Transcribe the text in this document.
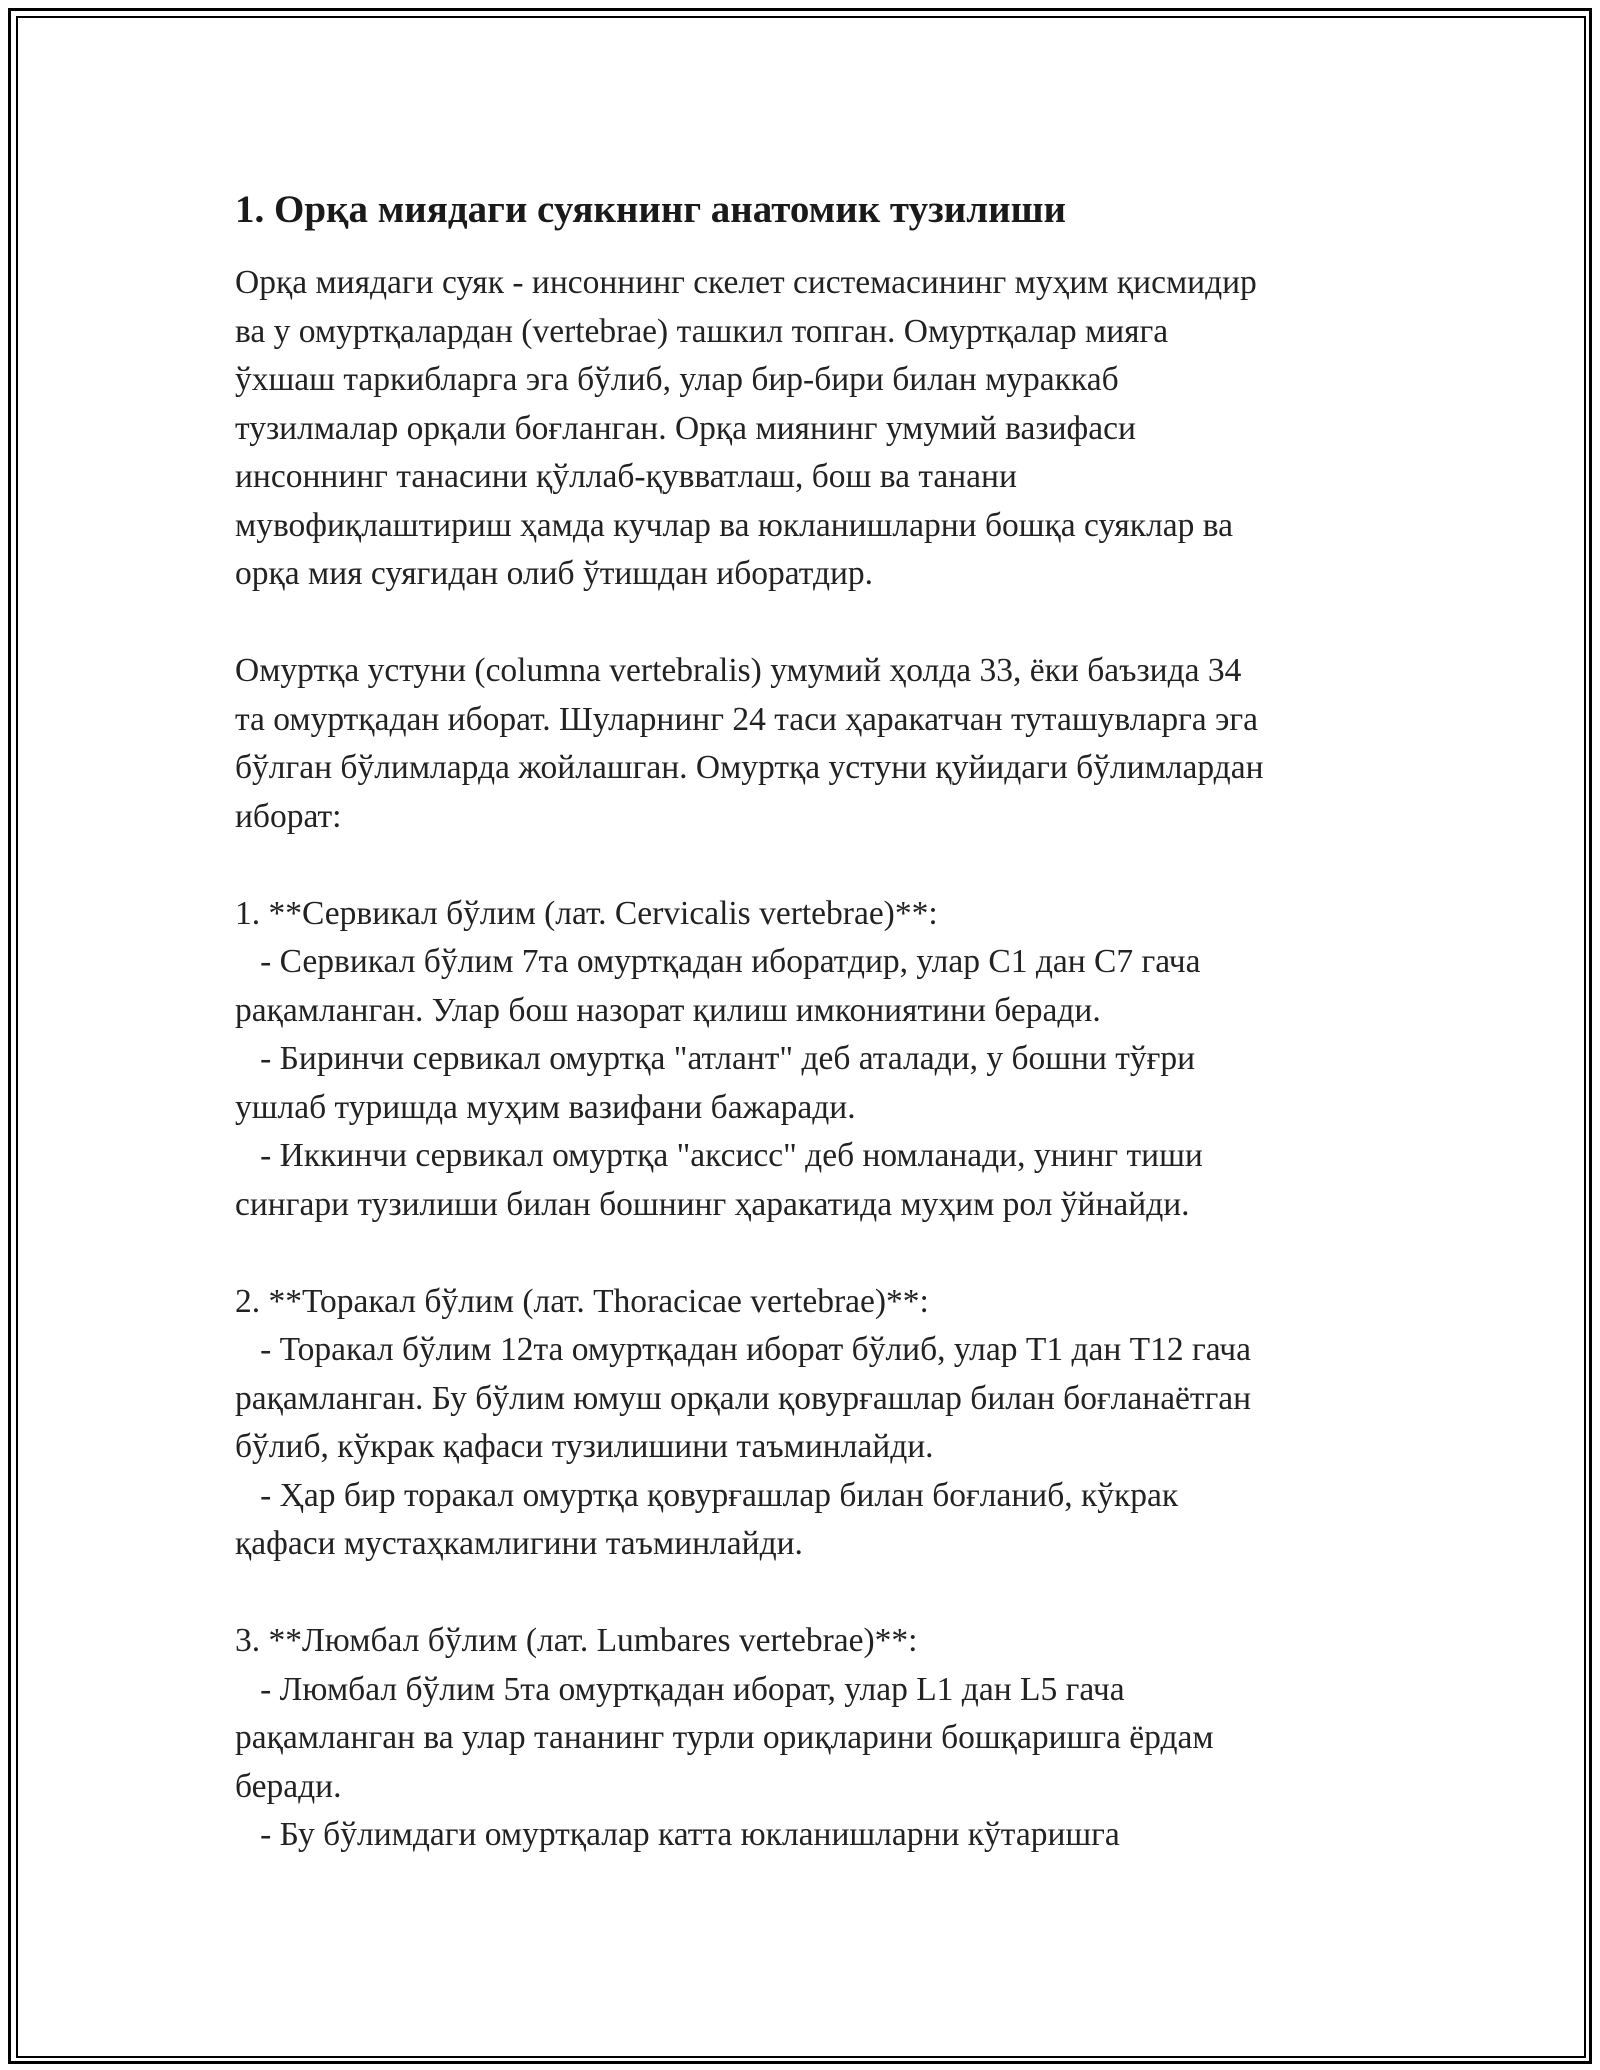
1. Орқа миядаги суякнинг анатомик тузилиши
Орқа миядаги суяк - инсоннинг скелет системасининг муҳим қисмидир
ва у омуртқалардан (vertebrae) ташкил топган. Омуртқалар мияга
ўхшаш таркибларга эга бўлиб, улар бир-бири билан мураккаб
тузилмалар орқали боғланган. Орқа миянинг умумий вазифаси
инсоннинг танасини қўллаб-қувватлаш, бош ва танани
мувофиқлаштириш ҳамда кучлар ва юкланишларни бошқа суяклар ва
орқа мия суягидан олиб ўтишдан иборатдир.
Омуртқа устуни (columna vertebralis) умумий ҳолда 33, ёки баъзида 34
та омуртқадан иборат. Шуларнинг 24 таси ҳаракатчан туташувларга эга
бўлган бўлимларда жойлашган. Омуртқа устуни қуйидаги бўлимлардан
иборат:
1. **Сервикал бўлим (лат. Cervicalis vertebrae)**:
- Сервикал бўлим 7та омуртқадан иборатдир, улар C1 дан C7 гача
рақамланган. Улар бош назорат қилиш имкониятини беради.
- Биринчи сервикал омуртқа "атлант" деб аталади, у бошни тўғри
ушлаб туришда муҳим вазифани бажаради.
- Иккинчи сервикал омуртқа "аксисс" деб номланади, унинг тиши
сингари тузилиши билан бошнинг ҳаракатида муҳим рол ўйнайди.
2. **Торакал бўлим (лат. Thoracicae vertebrae)**:
- Торакал бўлим 12та омуртқадан иборат бўлиб, улар T1 дан T12 гача
рақамланган. Бу бўлим юмуш орқали қовурғашлар билан боғланаётган
бўлиб, кўкрак қафаси тузилишини таъминлайди.
- Ҳар бир торакал омуртқа қовурғашлар билан боғланиб, кўкрак
қафаси мустаҳкамлигини таъминлайди.
3. **Люмбал бўлим (лат. Lumbares vertebrae)**:
- Люмбал бўлим 5та омуртқадан иборат, улар L1 дан L5 гача
рақамланган ва улар тананинг турли ориқларини бошқаришга ёрдам
беради.
- Бу бўлимдаги омуртқалар катта юкланишларни кўтаришга
